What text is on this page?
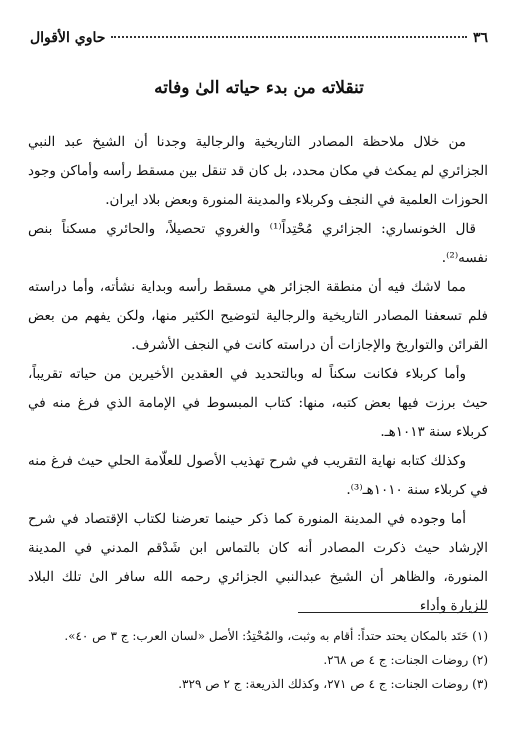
٣٦
حاوي الأقوال
تنقلاته من بدء حياته الىٰ وفاته

من خلال ملاحظة المصادر التاريخية والرجالية وجدنا أن الشيخ عبد النبي الجزائري لم يمكث في مكان محدد، بل كان قد تنقل بين مسقط رأسه وأماكن وجود الحوزات العلمية في النجف وكربلاء والمدينة المنورة وبعض بلاد ايران.

قال الخونساري: الجزائري مُحْتِداً⁽¹⁾ والغروي تحصيلاً، والحائري مسكناً بنص نفسه⁽²⁾.

مما لاشك فيه أن منطقة الجزائر هي مسقط رأسه وبداية نشأته، وأما دراسته فلم تسعفنا المصادر التاريخية والرجالية لتوضيح الكثير منها، ولكن يفهم من بعض القرائن والتواريخ والإجازات أن دراسته كانت في النجف الأشرف.

وأما كربلاء فكانت سكناً له وبالتحديد في العقدين الأخيرين من حياته تقريباً، حيث برزت فيها بعض كتبه، منها: كتاب المبسوط في الإمامة الذي فرغ منه في كربلاء سنة ١٠١٣هـ.

وكذلك كتابه نهاية التقريب في شرح تهذيب الأصول للعلّامة الحلي حيث فرغ منه في كربلاء سنة ١٠١٠هـ⁽³⁾.

أما وجوده في المدينة المنورة كما ذكر حينما تعرضنا لكتاب الإقتصاد في شرح الإرشاد حيث ذكرت المصادر أنه كان بالتماس ابن شَدْقم المدني في المدينة المنورة، والظاهر أن الشيخ عبدالنبي الجزائري رحمه الله سافر الىٰ تلك البلاد للزيارة وأداء

(١) حَتَد بالمكان يحتد حتداً: أقام به وثبت، والمُحْتِدُ: الأصل «لسان العرب: ج ٣ ص ٤٠».
(٢) روضات الجنات: ج ٤ ص ٢٦٨.
(٣) روضات الجنات: ج ٤ ص ٢٧١، وكذلك الذريعة: ج ٢ ص ٣٢٩.
